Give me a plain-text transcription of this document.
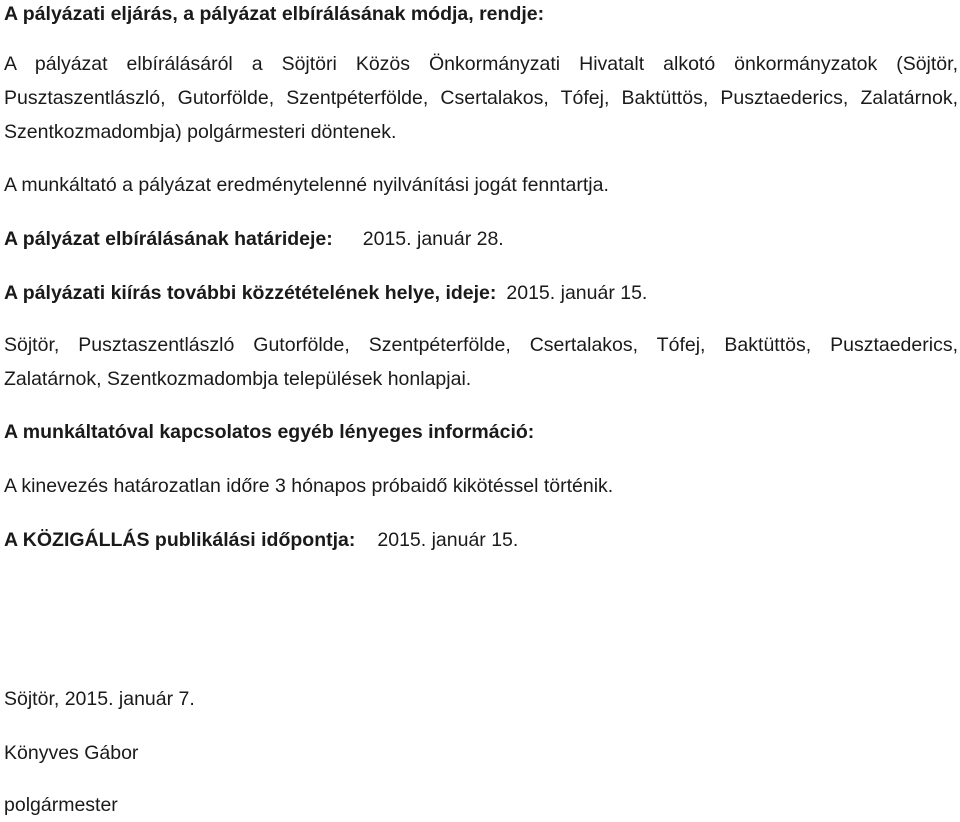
A pályázati eljárás, a pályázat elbírálásának módja, rendje:
A pályázat elbírálásáról a Söjtöri Közös Önkormányzati Hivatalt alkotó önkormányzatok (Söjtör, Pusztaszentlászló, Gutorfölde, Szentpéterfölde, Csertalakos, Tófej, Baktüttös, Pusztaederics, Zalatárnok, Szentkozmadombja) polgármesteri döntenek.
A munkáltató a pályázat eredménytelenné nyilvánítási jogát fenntartja.
A pályázat elbírálásának határideje: 2015. január 28.
A pályázati kiírás további közzétételének helye, ideje: 2015. január 15.
Söjtör, Pusztaszentlászló Gutorfölde, Szentpéterfölde, Csertalakos, Tófej, Baktüttös, Pusztaederics, Zalatárnok, Szentkozmadombja települések honlapjai.
A munkáltatóval kapcsolatos egyéb lényeges információ:
A kinevezés határozatlan időre 3 hónapos próbaidő kikötéssel történik.
A KÖZIGÁLLÁS publikálási időpontja: 2015. január 15.
Söjtör, 2015. január 7.
Könyves Gábor
polgármester
